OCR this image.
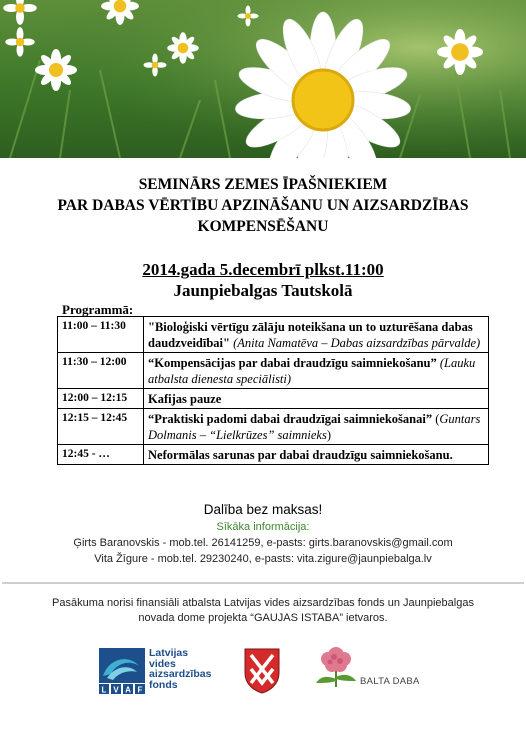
SEMINĀRS ZEMES ĪPAŠNIEKIEM
PAR DABAS VĒRTĪBU APZINĀŠANU UN AIZSARDZĪBAS
KOMPENSĒŠANU
2014.gada 5.decembrī plkst.11:00
Jaunpiebalgas Tautskolā
Programmā:
11:00 – 11:30	"Bioloģiski vērtīgu zālāju noteikšana un to uzturēšana dabas daudzveidībai" (Anita Namatēva – Dabas aizsardzības pārvalde)
11:30 – 12:00	“Kompensācijas par dabai draudzīgu saimniekošanu” (Lauku atbalsta dienesta speciālisti)
12:00 – 12:15	Kafijas pauze
12:15 – 12:45	“Praktiski padomi dabai draudzīgai saimniekošanai” (Guntars Dolmanis – “Lielkrūzes” saimnieks)
12:45 - …	Neformālas sarunas par dabai draudzīgu saimniekošanu.
Dalība bez maksas!
Sīkāka informācija:
Ģirts Baranovskis - mob.tel. 26141259, e-pasts: girts.baranovskis@gmail.com
Vita Žīgure - mob.tel. 29230240, e-pasts: vita.zigure@jaunpiebalga.lv
Pasākuma norisi finansiāli atbalsta Latvijas vides aizsardzības fonds un Jaunpiebalgas novada dome projekta “GAUJAS ISTABA” ietvaros.
L V A F
Latvijas
vides
aizsardzības
fonds	BALTA DABA
